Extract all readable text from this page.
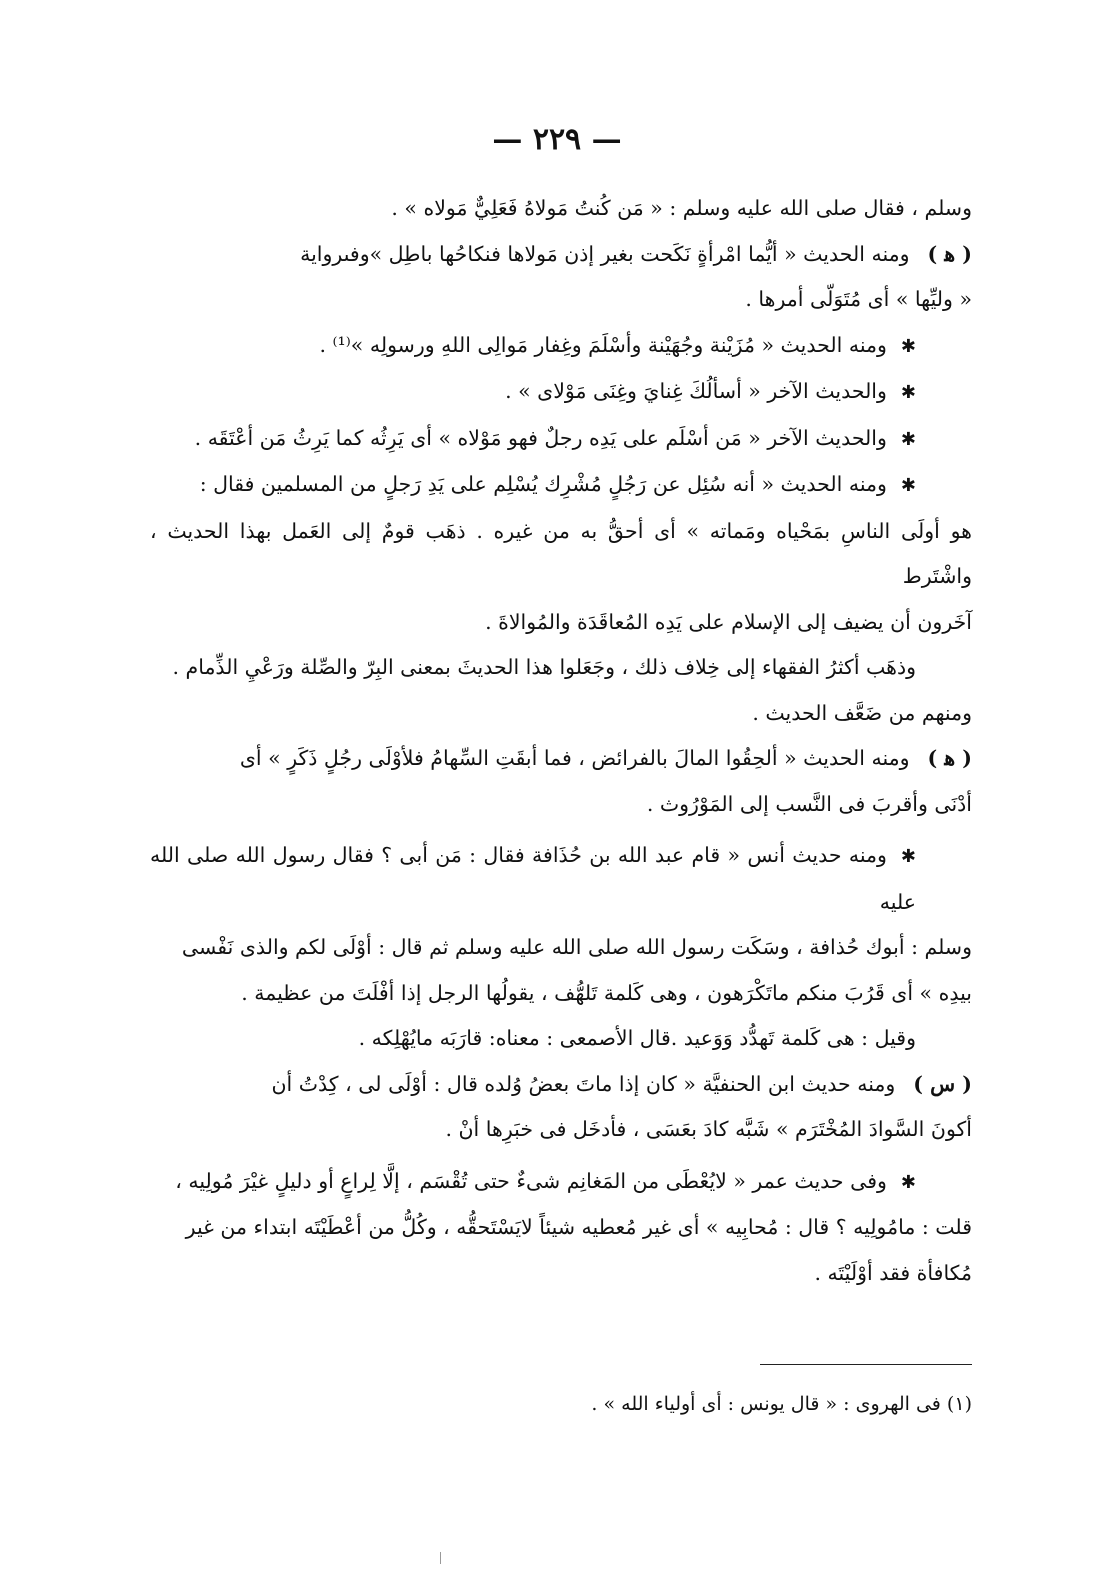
— ٢٢٩ —

وسلم ، فقال صلى الله عليه وسلم : « مَن كُنتُ مَولاهُ فَعَلِيٌّ مَولاه » .

( ﻫ )ومنه الحديث « أيُّما امْرأةٍ نَكَحت بغير إذن مَولاها فنكاحُها باطِل »وفىرواية

« وليِّها » أى مُتَوَلّى أمرها .

✱ومنه الحديث « مُزَيْنة وجُهَيْنة وأسْلَمَ وغِفار مَوالِى اللهِ ورسولِه »⁽¹⁾ .

✱والحديث الآخر « أسألُكَ غِنايَ وغِنَى مَوْلاى » .

✱والحديث الآخر « مَن أسْلَم على يَدِه رجلٌ فهو مَوْلاه » أى يَرِثُه كما يَرِثُ مَن أعْتَقَه .

✱ومنه الحديث « أنه سُئِل عن رَجُلٍ مُشْرِك يُسْلِم على يَدِ رَجلٍ من المسلمين فقال :

هو أولَى الناسِ بمَحْياه ومَماته » أى أحقُّ به من غيره . ذهَب قومٌ إلى العَمل بهذا الحديث ، واشْتَرط

آخَرون أن يضيف إلى الإسلام على يَدِه المُعاقَدَة والمُوالاةَ .

وذهَب أكثرُ الفقهاء إلى خِلاف ذلك ، وجَعَلوا هذا الحديثَ بمعنى البِرّ والصِّلة ورَعْيِ الذِّمام .

ومنهم من ضَعَّف الحديث .

( ﻫ )ومنه الحديث « ألحِقُوا المالَ بالفرائض ، فما أبقَتِ السِّهامُ فلأوْلَى رجُلٍ ذَكَرٍ » أى

أدْنَى وأقربَ فى النَّسب إلى المَوْرُوث .

✱ومنه حديث أنس « قام عبد الله بن حُذَافة فقال : مَن أبى ؟ فقال رسول الله صلى الله عليه

وسلم : أبوك حُذافة ، وسَكَت رسول الله صلى الله عليه وسلم ثم قال : أوْلَى لكم والذى نَفْسى

بيدِه » أى قَرُبَ منكم ماتَكْرَهون ، وهى كَلمة تَلهُّف ، يقولُها الرجل إذا أفْلَتَ من عظيمة .

وقيل : هى كَلمة تَهدُّد وَوَعيد .قال الأصمعى : معناه: قارَبَه مايُهْلِكه .

( س )ومنه حديث ابن الحنفيَّة « كان إذا ماتَ بعضُ وُلده قال : أوْلَى لى ، كِدْتُ أن

أكونَ السَّوادَ المُخْتَرَم » شَبَّه كادَ بعَسَى ، فأدخَل فى خبَرِها أنْ .

✱وفى حديث عمر « لايُعْطَى من المَغانِم شىءٌ حتى تُقْسَم ، إلَّا لِراعٍ أو دليلٍ غيْرَ مُولِيه ،

قلت : مامُولِيه ؟ قال : مُحابِيه » أى غير مُعطيه شيئاً لايَسْتَحقُّه ، وكُلُّ من أعْطَيْتَه ابتداء من غير

مُكافأة فقد أوْلَيْتَه .

(١) فى الهروى : « قال يونس : أى أولياء الله » .
